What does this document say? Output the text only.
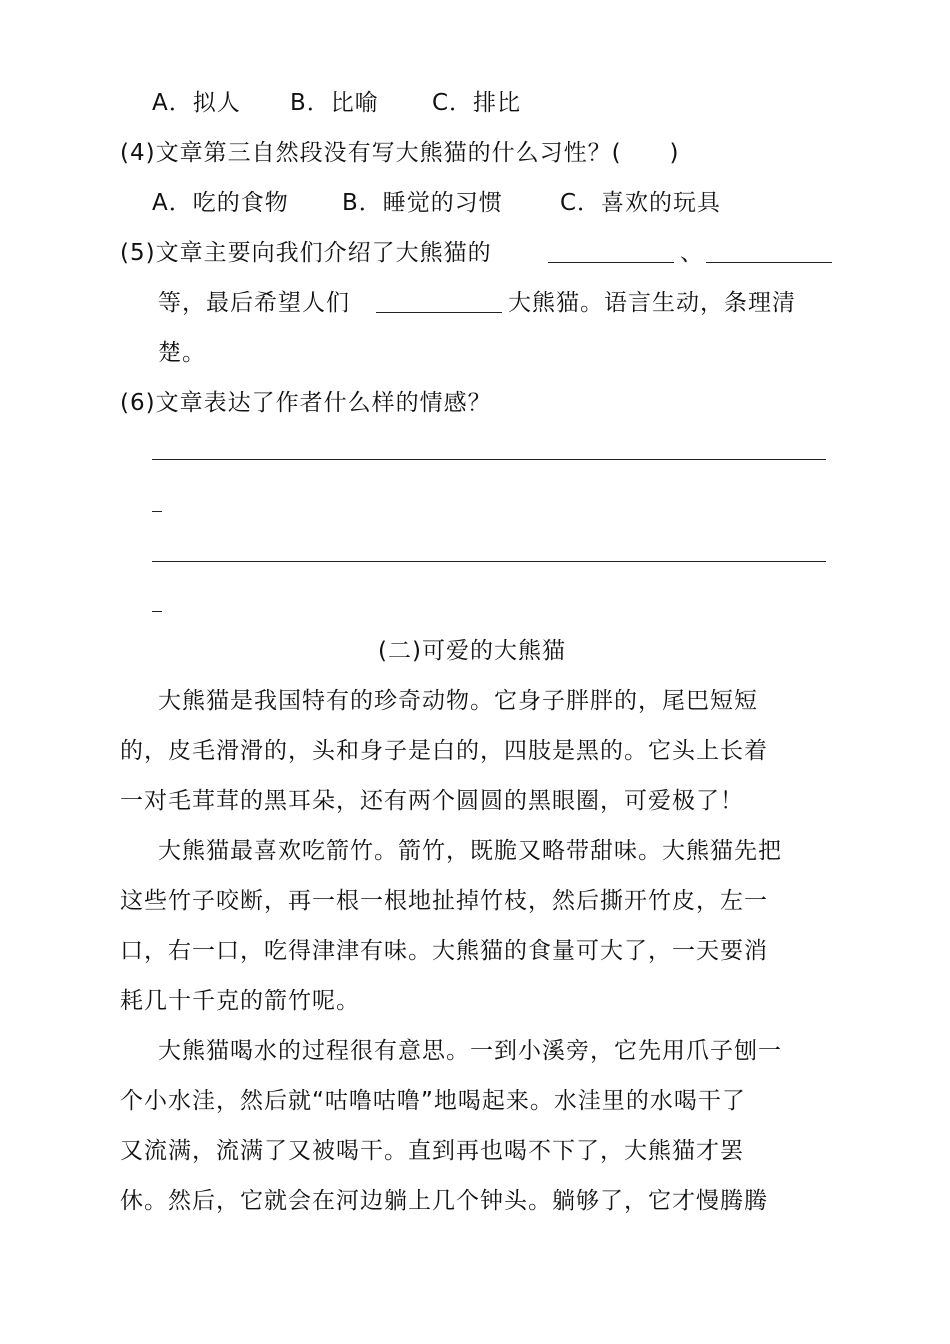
A．拟人 B．比喻 C．排比
(4)文章第三自然段没有写大熊猫的什么习性？(　　)
A．吃的食物 B．睡觉的习惯 C．喜欢的玩具
(5)文章主要向我们介绍了大熊猫的	、
等，最后希望人们	大熊猫。语言生动，条理清
楚。
(6)文章表达了作者什么样的情感？
(二)可爱的大熊猫
大熊猫是我国特有的珍奇动物。它身子胖胖的，尾巴短短
的，皮毛滑滑的，头和身子是白的，四肢是黑的。它头上长着
一对毛茸茸的黑耳朵，还有两个圆圆的黑眼圈，可爱极了！
大熊猫最喜欢吃箭竹。箭竹，既脆又略带甜味。大熊猫先把
这些竹子咬断，再一根一根地扯掉竹枝，然后撕开竹皮，左一
口，右一口，吃得津津有味。大熊猫的食量可大了，一天要消
耗几十千克的箭竹呢。
大熊猫喝水的过程很有意思。一到小溪旁，它先用爪子刨一
个小水洼，然后就“咕噜咕噜”地喝起来。水洼里的水喝干了
又流满，流满了又被喝干。直到再也喝不下了，大熊猫才罢
休。然后，它就会在河边躺上几个钟头。躺够了，它才慢腾腾
